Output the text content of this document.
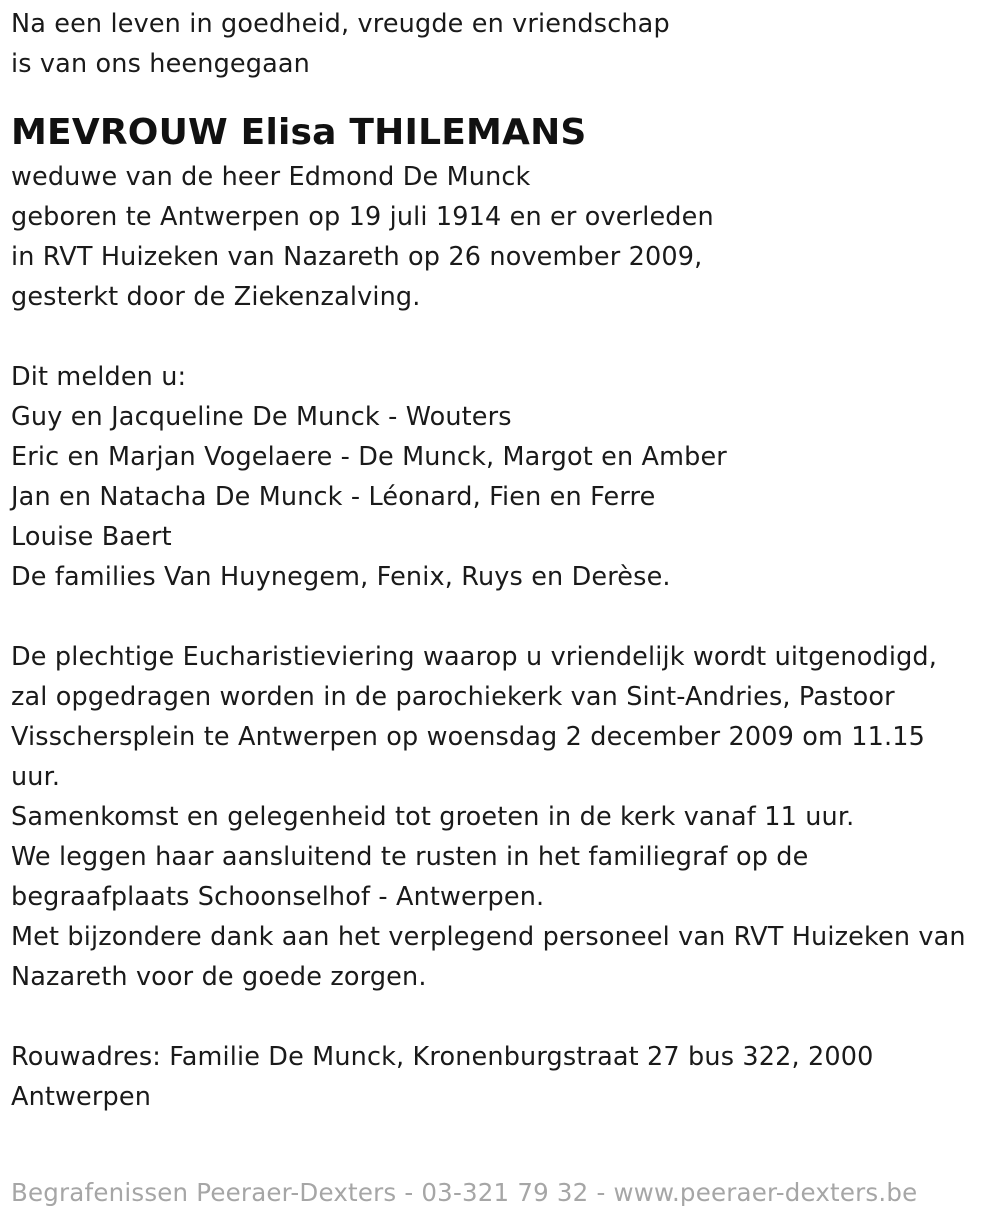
Na een leven in goedheid, vreugde en vriendschap
is van ons heengegaan
MEVROUW Elisa THILEMANS
weduwe van de heer Edmond De Munck
geboren te Antwerpen op 19 juli 1914 en er overleden
in RVT Huizeken van Nazareth op 26 november 2009,
gesterkt door de Ziekenzalving.
Dit melden u:
Guy en Jacqueline De Munck - Wouters
Eric en Marjan Vogelaere - De Munck, Margot en Amber
Jan en Natacha De Munck - Léonard, Fien en Ferre
Louise Baert
De families Van Huynegem, Fenix, Ruys en Derèse.
De plechtige Eucharistieviering waarop u vriendelijk wordt uitgenodigd,
zal opgedragen worden in de parochiekerk van Sint-Andries, Pastoor
Visschersplein te Antwerpen op woensdag 2 december 2009 om 11.15
uur.
Samenkomst en gelegenheid tot groeten in de kerk vanaf 11 uur.
We leggen haar aansluitend te rusten in het familiegraf op de
begraafplaats Schoonselhof - Antwerpen.
Met bijzondere dank aan het verplegend personeel van RVT Huizeken van
Nazareth voor de goede zorgen.
Rouwadres: Familie De Munck, Kronenburgstraat 27 bus 322, 2000
Antwerpen
Begrafenissen Peeraer-Dexters - 03-321 79 32 - www.peeraer-dexters.be
